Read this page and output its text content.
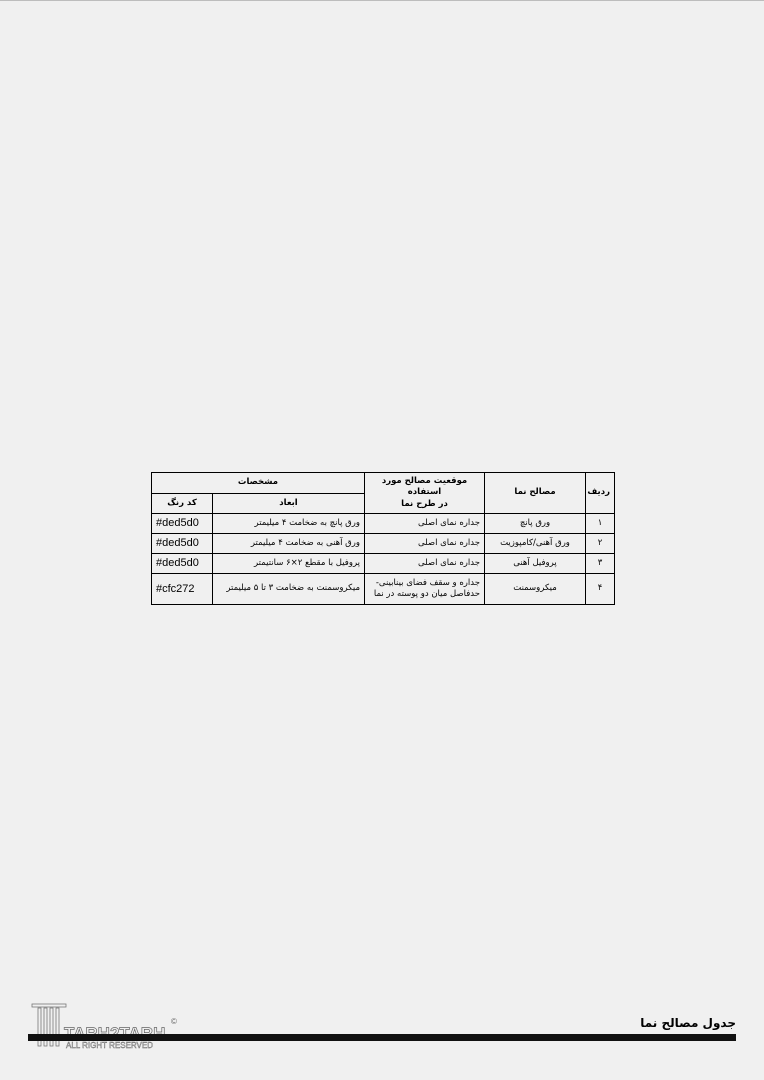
ردیف	مصالح نما	موقعیت مصالح مورد استفاده
در طرح نما	مشخصات	
			ابعاد	کد رنگ
۱	ورق پانچ	جداره نمای اصلی	ورق پانچ به ضخامت ۴ میلیمتر	#ded5d0
۲	ورق آهنی/کامپوزیت	جداره نمای اصلی	ورق آهنی به ضخامت ۴ میلیمتر	#ded5d0
۳	پروفیل آهنی	جداره نمای اصلی	پروفیل با مقطع ۲×۶ سانتیمتر	#ded5d0
۴	میکروسمنت	جداره و سقف فضای بینابینی-
حدفاصل میان دو پوسته در نما	میکروسمنت به ضخامت ۳ تا ۵ میلیمتر	#cfc272
ALL RIGHT RESERVED
©	جدول مصالح نما
